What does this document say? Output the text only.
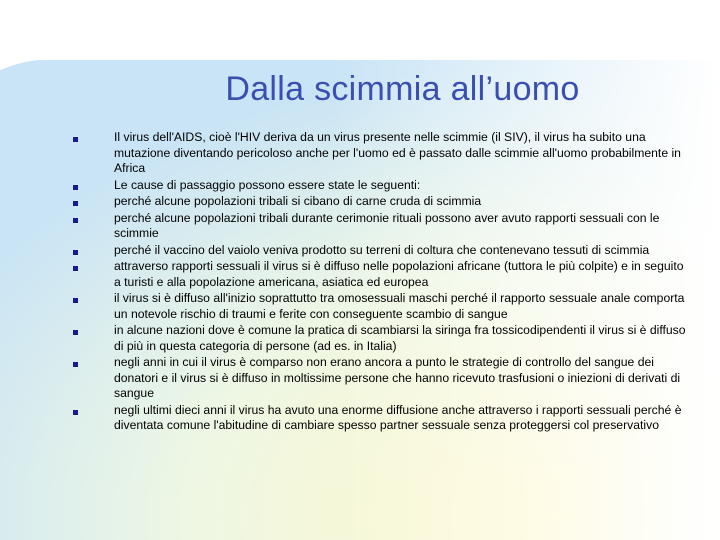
Dalla scimmia all’uomo
Il virus dell'AIDS, cioè l'HIV deriva da un virus presente nelle scimmie (il SIV), il virus ha subito una mutazione diventando pericoloso anche per l'uomo ed è passato dalle scimmie all'uomo probabilmente in Africa
Le cause di passaggio possono essere state le seguenti:
perché alcune popolazioni tribali si cibano di carne cruda di scimmia
perché alcune popolazioni tribali durante cerimonie rituali possono aver avuto rapporti sessuali con le scimmie
perché il vaccino del vaiolo veniva prodotto su terreni di coltura che contenevano tessuti di scimmia
attraverso rapporti sessuali il virus si è diffuso nelle popolazioni africane (tuttora le più colpite) e in seguito a turisti e alla popolazione americana, asiatica ed europea
il virus si è diffuso all'inizio soprattutto tra omosessuali maschi perché il rapporto sessuale anale comporta un notevole rischio di traumi e ferite con conseguente scambio di sangue
in alcune nazioni dove è comune la pratica di scambiarsi la siringa fra tossicodipendenti il virus si è diffuso di più in questa categoria di persone (ad es. in Italia)
negli anni in cui il virus è comparso non erano ancora a punto le strategie di controllo del sangue dei donatori e il virus si è diffuso in moltissime persone che hanno ricevuto trasfusioni o iniezioni di derivati di sangue
negli ultimi dieci anni il virus ha avuto una enorme diffusione anche attraverso i rapporti sessuali perché è diventata comune l'abitudine di cambiare spesso partner sessuale senza proteggersi col preservativo
